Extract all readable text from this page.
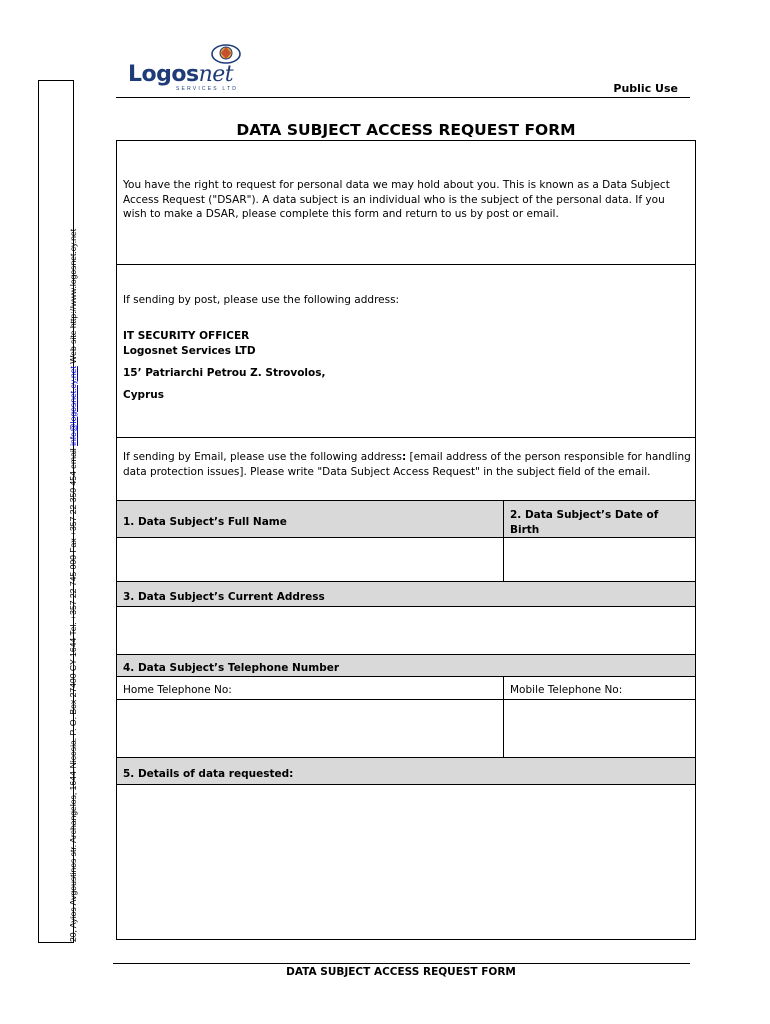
20, Ayios Avgoustinos str. Archangelos, 1644-Nicosia. P. O. Box 27400 CY 1644 Tel. +357 22 745 000 Fax +357 22 350 454 email info@logosnet.cy.net Web site http://www.logosnet.cy.net
Logosnet
SERVICES LTD	Public Use
DATA SUBJECT ACCESS REQUEST FORM
You have the right to request for personal data we may hold about you. This is known as a Data Subject Access Request ("DSAR"). A data subject is an individual who is the subject of the personal data. If you wish to make a DSAR, please complete this form and return to us by post or email.
If sending by post, please use the following address:
IT SECURITY OFFICER
Logosnet Services LTD
15’ Patriarchi Petrou Z. Strovolos,
Cyprus
If sending by Email, please use the following address: [email address of the person responsible for handling data protection issues]. Please write "Data Subject Access Request" in the subject field of the email.
1. Data Subject’s Full Name
2. Data Subject’s Date of Birth
3. Data Subject’s Current Address
4. Data Subject’s Telephone Number
Home Telephone No:	Mobile Telephone No:
5. Details of data requested:
DATA SUBJECT ACCESS REQUEST FORM
